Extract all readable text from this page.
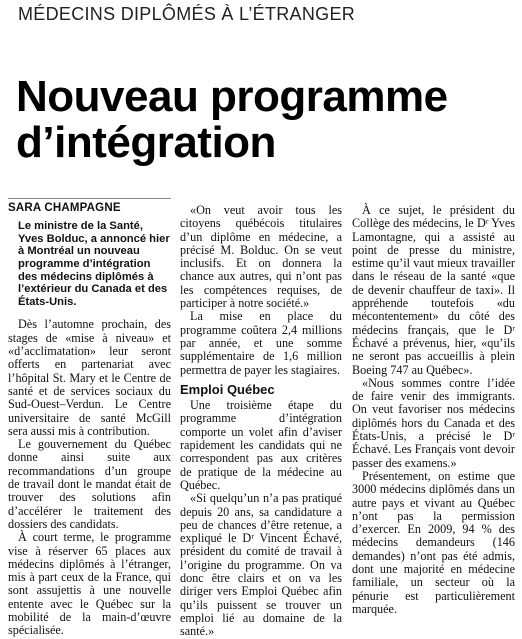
MÉDECINS DIPLÔMÉS À L’ÉTRANGER
Nouveau programme
d’intégration
SARA CHAMPAGNE
Le ministre de la Santé, Yves Bolduc, a annoncé hier à Montréal un nouveau programme d’intégration des médecins diplômés à l’extérieur du Canada et des États-Unis.

Dès l’automne prochain, des stages de «mise à niveau» et «d’acclimatation» leur seront offerts en partenariat avec l’hôpital St. Mary et le Centre de santé et de services sociaux du Sud-Ouest–Verdun. Le Centre universitaire de santé McGill sera aussi mis à contribution.

Le gouvernement du Québec donne ainsi suite aux recommandations d’un groupe de travail dont le mandat était de trouver des solutions afin d’accélérer le traitement des dossiers des candidats.

À court terme, le programme vise à réserver 65 places aux médecins diplômés à l’étranger, mis à part ceux de la France, qui sont assujettis à une nouvelle entente avec le Québec sur la mobilité de la main-d’œuvre spécialisée.

«On veut avoir tous les citoyens québécois titulaires d’un diplôme en médecine, a précisé M. Bolduc. On se veut inclusifs. Et on donnera la chance aux autres, qui n’ont pas les compétences requises, de participer à notre société.»

La mise en place du programme coûtera 2,4 millions par année, et une somme supplémentaire de 1,6 million permettra de payer les stagiaires.

Emploi Québec

Une troisième étape du programme d’intégration comporte un volet afin d’aviser rapidement les candidats qui ne correspondent pas aux critères de pratique de la médecine au Québec.

«Si quelqu’un n’a pas pratiqué depuis 20 ans, sa candidature a peu de chances d’être retenue, a expliqué le Dʳ Vincent Échavé, président du comité de travail à l’origine du programme. On va donc être clairs et on va les diriger vers Emploi Québec afin qu’ils puissent se trouver un emploi lié au domaine de la santé.»

À ce sujet, le président du Collège des médecins, le Dʳ Yves Lamontagne, qui a assisté au point de presse du ministre, estime qu’il vaut mieux travailler dans le réseau de la santé «que de devenir chauffeur de taxi». Il appréhende toutefois «du mécontentement» du côté des médecins français, que le Dʳ Échavé a prévenus, hier, «qu’ils ne seront pas accueillis à plein Boeing 747 au Québec».

«Nous sommes contre l’idée de faire venir des immigrants. On veut favoriser nos médecins diplômés hors du Canada et des États-Unis, a précisé le Dʳ Échavé. Les Français vont devoir passer des examens.»

Présentement, on estime que 3000 médecins diplômés dans un autre pays et vivant au Québec n’ont pas la permission d’exercer. En 2009, 94 % des médecins demandeurs (146 demandes) n’ont pas été admis, dont une majorité en médecine familiale, un secteur où la pénurie est particulièrement marquée.
